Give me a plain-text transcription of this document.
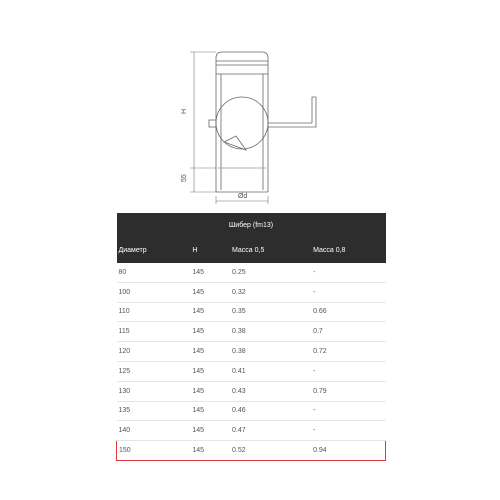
H
55
Ød
Шибер (fm13)			
Диаметр	H	Масса 0,5	Масса 0,8
80	145	0.25	-
100	145	0.32	-
110	145	0.35	0.66
115	145	0.38	0.7
120	145	0.38	0.72
125	145	0.41	-
130	145	0.43	0.79
135	145	0.46	-
140	145	0.47	-
150	145	0.52	0.94
